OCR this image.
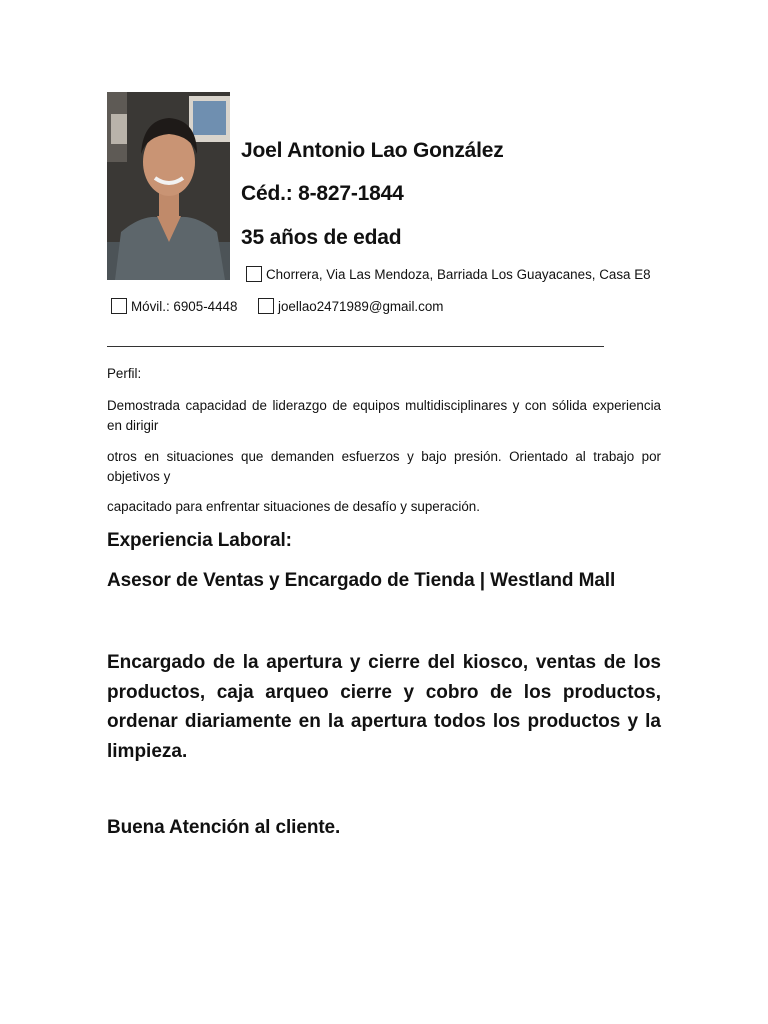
Joel Antonio Lao González
Céd.: 8-827-1844
35 años de edad
Chorrera, Via Las Mendoza, Barriada Los Guayacanes, Casa E8
Móvil.: 6905-4448	joellao2471989@gmail.com
Perfil:
Demostrada capacidad de liderazgo de equipos multidisciplinares y con sólida experiencia en dirigir
otros en situaciones que demanden esfuerzos y bajo presión. Orientado al trabajo por objetivos y
capacitado para enfrentar situaciones de desafío y superación.
Experiencia Laboral:
Asesor de Ventas y Encargado de Tienda | Westland Mall
Encargado de la apertura y cierre del kiosco, ventas de los productos, caja arqueo cierre y cobro de los productos, ordenar diariamente en la apertura todos los productos y la limpieza.
Buena Atención al cliente.
